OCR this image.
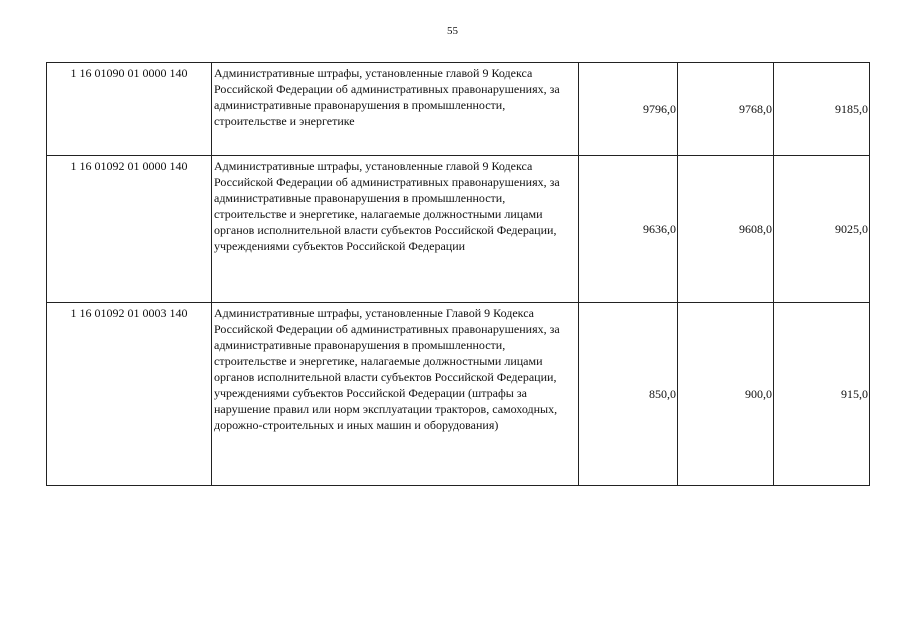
55
1 16 01090 01 0000 140	Административные штрафы, установленные главой 9 Кодекса Российской Федерации об административных правонарушениях, за административные правонарушения в промышленности, строительстве и энергетике	9796,0	9768,0	9185,0
1 16 01092 01 0000 140	Административные штрафы, установленные главой 9 Кодекса Российской Федерации об административных правонарушениях, за административные правонарушения в промышленности, строительстве и энергетике, налагаемые должностными лицами органов исполнительной власти субъектов Российской Федерации, учреждениями субъектов Российской Федерации	9636,0	9608,0	9025,0
1 16 01092 01 0003 140	Административные штрафы, установленные Главой 9 Кодекса Российской Федерации об административных правонарушениях, за административные правонарушения в промышленности, строительстве и энергетике, налагаемые должностными лицами органов исполнительной власти субъектов Российской Федерации, учреждениями субъектов Российской Федерации (штрафы за нарушение правил или норм эксплуатации тракторов, самоходных, дорожно-строительных и иных машин и оборудования)	850,0	900,0	915,0
